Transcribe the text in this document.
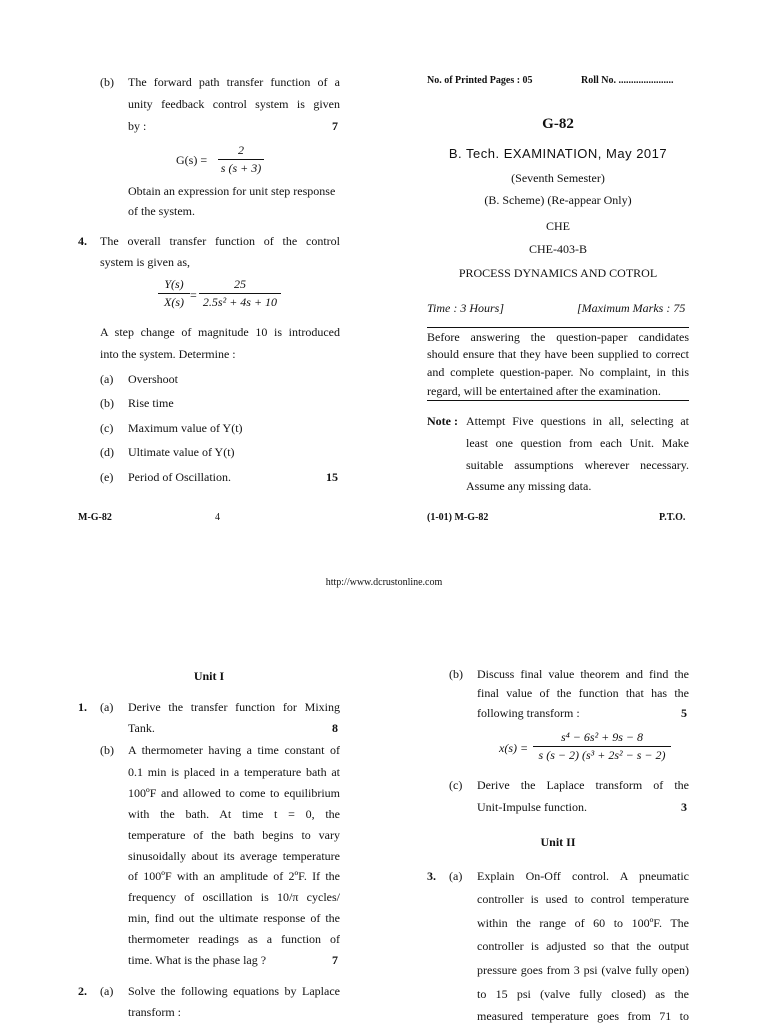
(b) The forward path transfer function of a
unity feedback control system is given
by :	7
G(s) =
2
s (s + 3)
Obtain an expression for unit step response
of the system.
4. The overall transfer function of the control
system is given as,
Y(s)
X(s) =
25
2.5s² + 4s + 10
A step change of magnitude 10 is introduced
into the system. Determine :
(a) Overshoot
(b) Rise time
(c) Maximum value of Y(t)
(d) Ultimate value of Y(t)
(e) Period of Oscillation.	15
M-G-82	4
No. of Printed Pages : 05	Roll No. ......................
G-82
B. Tech. EXAMINATION, May 2017
(Seventh Semester)
(B. Scheme) (Re-appear Only)
CHE
CHE-403-B
PROCESS DYNAMICS AND COTROL
Time : 3 Hours]	[Maximum Marks : 75
Before answering the question-paper candidates
should ensure that they have been supplied to correct
and complete question-paper. No complaint, in this
regard, will be entertained after the examination.
Note : Attempt Five questions in all, selecting at
least one question from each Unit. Make
suitable assumptions wherever necessary.
Assume any missing data.
(1-01) M-G-82	P.T.O.
http://www.dcrustonline.com
Unit I
1. (a) Derive the transfer function for Mixing
Tank.	8
(b) A thermometer having a time constant of
0.1 min is placed in a temperature bath at
100ºF and allowed to come to equilibrium
with the bath. At time t = 0, the
temperature of the bath begins to vary
sinusoidally about its average temperature
of 100ºF with an amplitude of 2ºF. If the
frequency of oscillation is 10/π cycles/
min, find out the ultimate response of the
thermometer readings as a function of
time. What is the phase lag ?	7
2. (a) Solve the following equations by Laplace
transform :
(b) Discuss final value theorem and find the
final value of the function that has the
following transform :	5
x(s) =
s⁴ − 6s² + 9s − 8
s (s − 2) (s³ + 2s² − s − 2)
(c) Derive the Laplace transform of the
Unit-Impulse function.	3
Unit II
3. (a) Explain On-Off control. A pneumatic
controller is used to control temperature
within the range of 60 to 100ºF. The
controller is adjusted so that the output
pressure goes from 3 psi (valve fully open)
to 15 psi (valve fully closed) as the
measured temperature goes from 71 to
